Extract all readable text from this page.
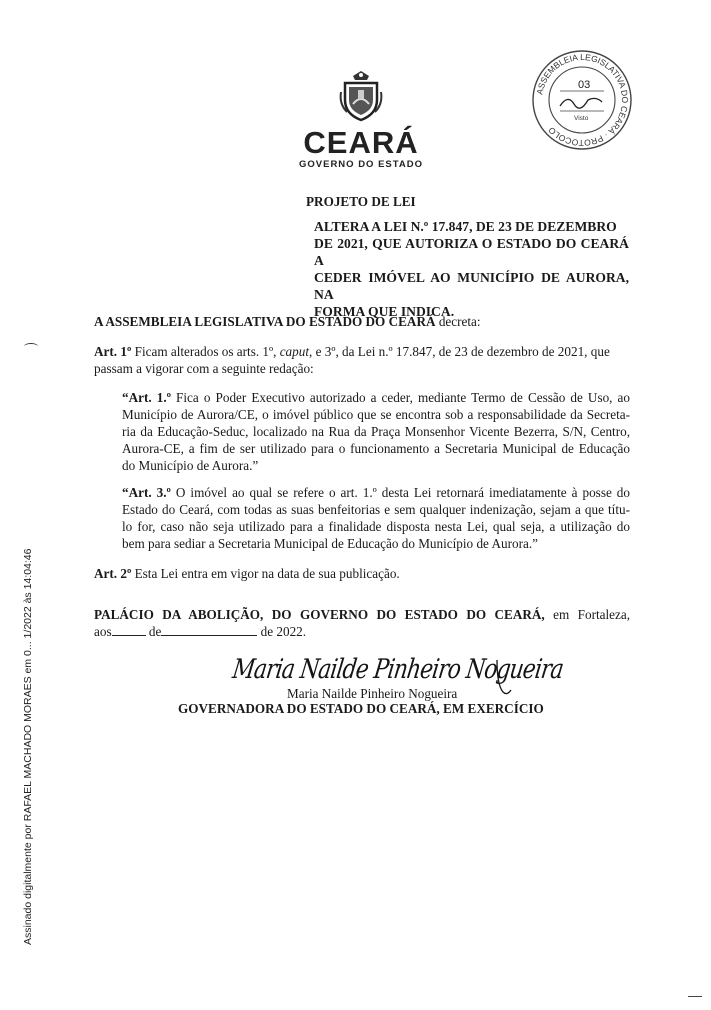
Assinado digitalmente por RAFAEL MACHADO MORAES em 0... 1/2022 às 14:04:46
CEARÁ
GOVERNO DO ESTADO
ASSEMBLEIA LEGISLATIVA DO CEARÁ · PROTOCOLO
03
Visto
PROJETO DE LEI
ALTERA A LEI N.º 17.847, DE 23 DE DEZEMBRO
DE 2021, QUE AUTORIZA O ESTADO DO CEARÁ A
CEDER IMÓVEL AO MUNICÍPIO DE AURORA, NA
FORMA QUE INDICA.
A ASSEMBLEIA LEGISLATIVA DO ESTADO DO CEARÁ decreta:
Art. 1º Ficam alterados os arts. 1º, caput, e 3º, da Lei n.º 17.847, de 23 de dezembro de 2021, que
passam a vigorar com a seguinte redação:
“Art. 1.º Fica o Poder Executivo autorizado a ceder, mediante Termo de Cessão de Uso, ao
Município de Aurora/CE, o imóvel público que se encontra sob a responsabilidade da Secreta-
ria da Educação-Seduc, localizado na Rua da Praça Monsenhor Vicente Bezerra, S/N, Centro,
Aurora-CE, a fim de ser utilizado para o funcionamento a Secretaria Municipal de Educação
do Município de Aurora.”
“Art. 3.º O imóvel ao qual se refere o art. 1.º desta Lei retornará imediatamente à posse do
Estado do Ceará, com todas as suas benfeitorias e sem qualquer indenização, sejam a que títu-
lo for, caso não seja utilizado para a finalidade disposta nesta Lei, qual seja, a utilização do
bem para sediar a Secretaria Municipal de Educação do Município de Aurora.”
Art. 2º Esta Lei entra em vigor na data de sua publicação.
PALÁCIO DA ABOLIÇÃO, DO GOVERNO DO ESTADO DO CEARÁ, em Fortaleza,
aos	de	de 2022.
Maria Nailde Pinheiro Nogueira
Maria Nailde Pinheiro Nogueira
GOVERNADORA DO ESTADO DO CEARÁ, EM EXERCÍCIO
